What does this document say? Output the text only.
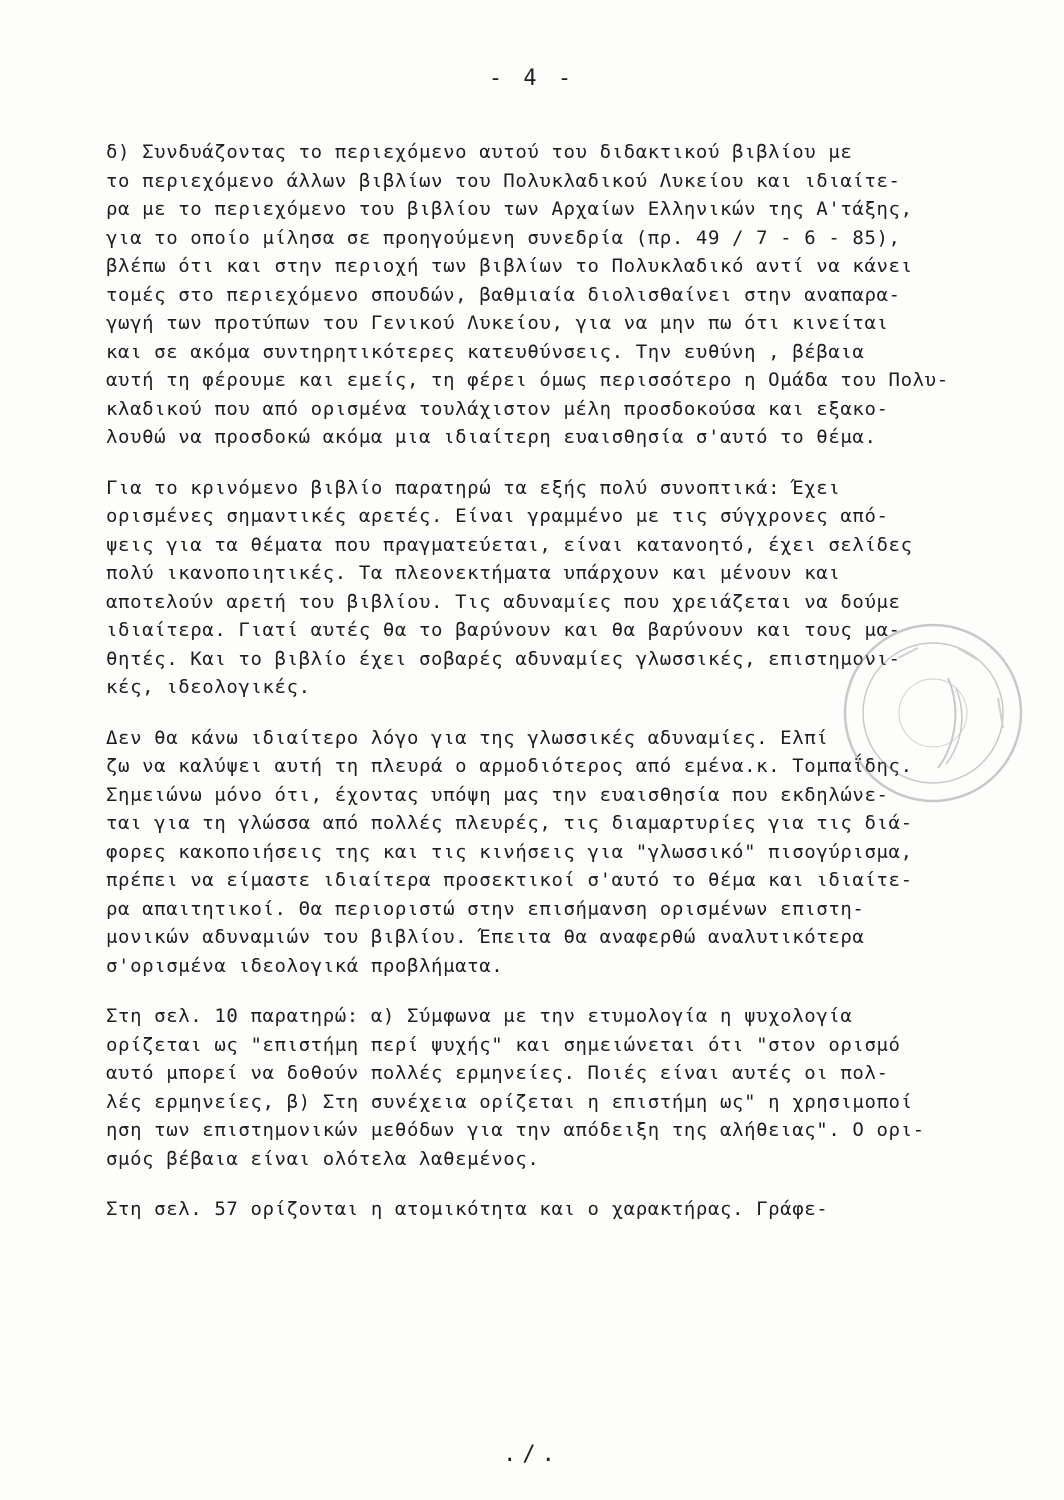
- 4 -
δ) Συνδυάζοντας το περιεχόμενο αυτού του διδακτικού βιβλίου με
το περιεχόμενο άλλων βιβλίων του Πολυκλαδικού Λυκείου και ιδιαίτε-
ρα με το περιεχόμενο του βιβλίου των Αρχαίων Ελληνικών της Α'τάξης,
για το οποίο μίλησα σε προηγούμενη συνεδρία (πρ. 49 / 7 - 6 - 85),
βλέπω ότι και στην περιοχή των βιβλίων το Πολυκλαδικό αντί να κάνει
τομές στο περιεχόμενο σπουδών, βαθμιαία διολισθαίνει στην αναπαρα-
γωγή των προτύπων του Γενικού Λυκείου, για να μην πω ότι κινείται
και σε ακόμα συντηρητικότερες κατευθύνσεις. Την ευθύνη , βέβαια
αυτή τη φέρουμε και εμείς, τη φέρει όμως περισσότερο η Ομάδα του Πολυ-
κλαδικού που από ορισμένα τουλάχιστον μέλη προσδοκούσα και εξακο-
λουθώ να προσδοκώ ακόμα μια ιδιαίτερη ευαισθησία σ'αυτό το θέμα.
Για το κρινόμενο βιβλίο παρατηρώ τα εξής πολύ συνοπτικά: Έχει
ορισμένες σημαντικές αρετές. Είναι γραμμένο με τις σύγχρονες από-
ψεις για τα θέματα που πραγματεύεται, είναι κατανοητό, έχει σελίδες
πολύ ικανοποιητικές. Τα πλεονεκτήματα υπάρχουν και μένουν και
αποτελούν αρετή του βιβλίου. Τις αδυναμίες που χρειάζεται να δούμε
ιδιαίτερα. Γιατί αυτές θα το βαρύνουν και θα βαρύνουν και τους μα-
θητές. Και το βιβλίο έχει σοβαρές αδυναμίες γλωσσικές, επιστημονι-
κές, ιδεολογικές.
Δεν θα κάνω ιδιαίτερο λόγο για της γλωσσικές αδυναμίες. Ελπί
ζω να καλύψει αυτή τη πλευρά ο αρμοδιότερος από εμένα.κ. Τομπαΐδης.
Σημειώνω μόνο ότι, έχοντας υπόψη μας την ευαισθησία που εκδηλώνε-
ται για τη γλώσσα από πολλές πλευρές, τις διαμαρτυρίες για τις διά-
φορες κακοποιήσεις της και τις κινήσεις για "γλωσσικό" πισογύρισμα,
πρέπει να είμαστε ιδιαίτερα προσεκτικοί σ'αυτό το θέμα και ιδιαίτε-
ρα απαιτητικοί. Θα περιοριστώ στην επισήμανση ορισμένων επιστη-
μονικών αδυναμιών του βιβλίου. Έπειτα θα αναφερθώ αναλυτικότερα
σ'ορισμένα ιδεολογικά προβλήματα.
Στη σελ. 10 παρατηρώ: α) Σύμφωνα με την ετυμολογία η ψυχολογία
ορίζεται ως "επιστήμη περί ψυχής" και σημειώνεται ότι "στον ορισμό
αυτό μπορεί να δοθούν πολλές ερμηνείες. Ποιές είναι αυτές οι πολ-
λές ερμηνείες, β) Στη συνέχεια ορίζεται η επιστήμη ως" η χρησιμοποί
ηση των επιστημονικών μεθόδων για την απόδειξη της αλήθειας". Ο ορι-
σμός βέβαια είναι ολότελα λαθεμένος.
Στη σελ. 57 ορίζονται η ατομικότητα και ο χαρακτήρας. Γράφε-
./.
